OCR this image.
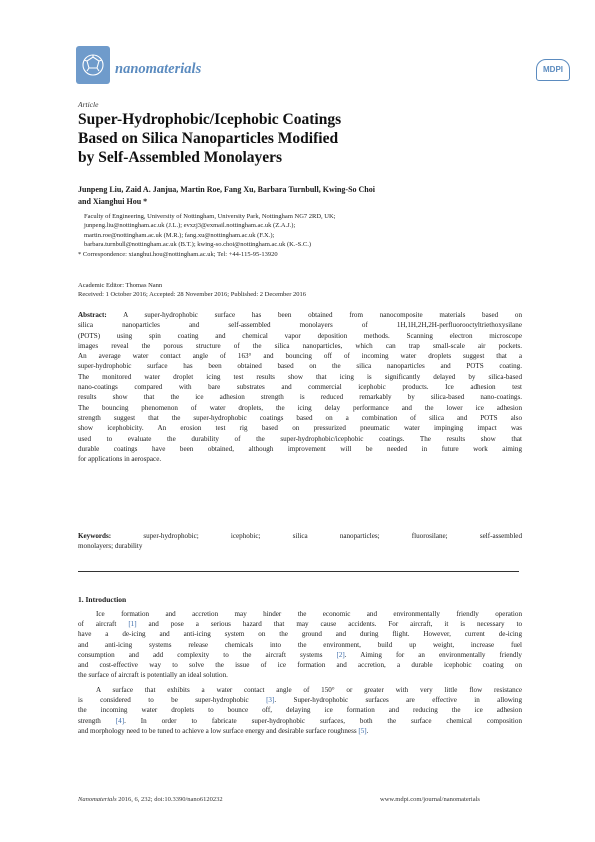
nanomaterials	MDPI
Article
Super-Hydrophobic/Icephobic Coatings
Based on Silica Nanoparticles Modified
by Self-Assembled Monolayers
Junpeng Liu, Zaid A. Janjua, Martin Roe, Fang Xu, Barbara Turnbull, Kwing-So Choi
and Xianghui Hou *
Faculty of Engineering, University of Nottingham, University Park, Nottingham NG7 2RD, UK;
junpeng.liu@nottingham.ac.uk (J.L.); evxzj3@exmail.nottingham.ac.uk (Z.A.J.);
martin.roe@nottingham.ac.uk (M.R.); fang.xu@nottingham.ac.uk (F.X.);
barbara.turnbull@nottingham.ac.uk (B.T.); kwing-so.choi@nottingham.ac.uk (K.-S.C.)
* Correspondence: xianghui.hou@nottingham.ac.uk; Tel: +44-115-95-13920
Academic Editor: Thomas Nann
Received: 1 October 2016; Accepted: 28 November 2016; Published: 2 December 2016
Abstract: A super-hydrophobic surface has been obtained from nanocomposite materials based on
silica nanoparticles and self-assembled monolayers of 1H,1H,2H,2H-perfluorooctyltriethoxysilane
(POTS) using spin coating and chemical vapor deposition methods. Scanning electron microscope
images reveal the porous structure of the silica nanoparticles, which can trap small-scale air pockets.
An average water contact angle of 163° and bouncing off of incoming water droplets suggest that a
super-hydrophobic surface has been obtained based on the silica nanoparticles and POTS coating.
The monitored water droplet icing test results show that icing is significantly delayed by silica-based
nano-coatings compared with bare substrates and commercial icephobic products. Ice adhesion test
results show that the ice adhesion strength is reduced remarkably by silica-based nano-coatings.
The bouncing phenomenon of water droplets, the icing delay performance and the lower ice adhesion
strength suggest that the super-hydrophobic coatings based on a combination of silica and POTS also
show icephobicity. An erosion test rig based on pressurized pneumatic water impinging impact was
used to evaluate the durability of the super-hydrophobic/icephobic coatings. The results show that
durable coatings have been obtained, although improvement will be needed in future work aiming
for applications in aerospace.
Keywords:	super-hydrophobic; icephobic; silica nanoparticles; fluorosilane; self-assembled
monolayers; durability
1. Introduction
Ice formation and accretion may hinder the economic and environmentally friendly operation
of aircraft [1] and pose a serious hazard that may cause accidents. For aircraft, it is necessary to
have a de-icing and anti-icing system on the ground and during flight. However, current de-icing
and anti-icing systems release chemicals into the environment, build up weight, increase fuel
consumption and add complexity to the aircraft systems [2]. Aiming for an environmentally friendly
and cost-effective way to solve the issue of ice formation and accretion, a durable icephobic coating on
the surface of aircraft is potentially an ideal solution.
A surface that exhibits a water contact angle of 150° or greater with very little flow resistance
is considered to be super-hydrophobic [3]. Super-hydrophobic surfaces are effective in allowing
the incoming water droplets to bounce off, delaying ice formation and reducing the ice adhesion
strength [4]. In order to fabricate super-hydrophobic surfaces, both the surface chemical composition
and morphology need to be tuned to achieve a low surface energy and desirable surface roughness [5].
Nanomaterials 2016, 6, 232; doi:10.3390/nano6120232	www.mdpi.com/journal/nanomaterials
